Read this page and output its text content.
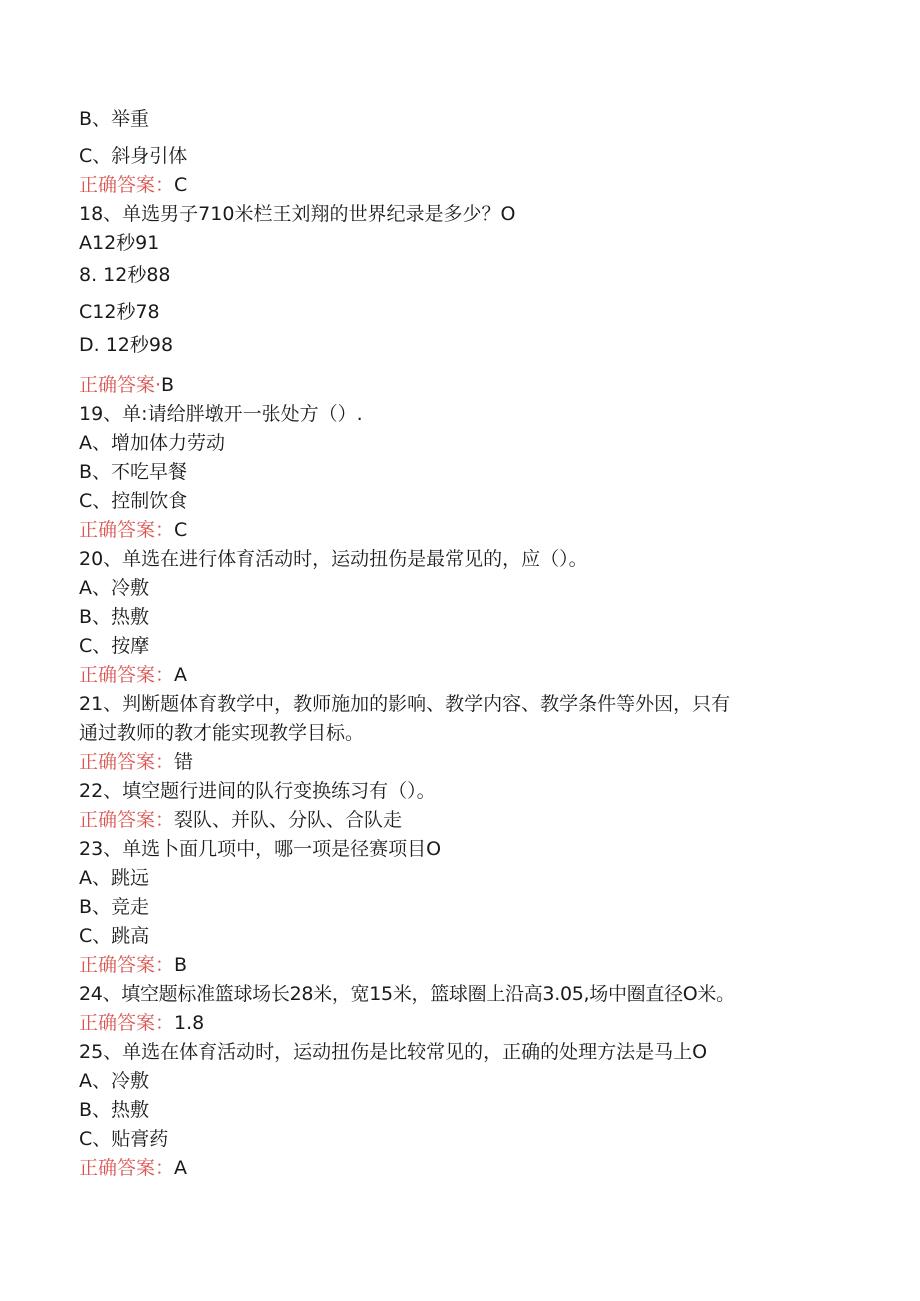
B、举重
C、斜身引体
正确答案：C
18、单选男子710米栏王刘翔的世界纪录是多少？O
A12秒91
8. 12秒88
C12秒78
D. 12秒98
正确答案·B
19、单:请给胖墩开一张处方（）.
A、增加体力劳动
B、不吃早餐
C、控制饮食
正确答案：C
20、单选在进行体育活动时，运动扭伤是最常见的，应（）。
A、冷敷
B、热敷
C、按摩
正确答案：A
21、判断题体育教学中，教师施加的影响、教学内容、教学条件等外因，只有
通过教师的教才能实现教学目标。
正确答案：错
22、填空题行进间的队行变换练习有（）。
正确答案：裂队、并队、分队、合队走
23、单选卜面几项中，哪一项是径赛项目O
A、跳远
B、竞走
C、跳高
正确答案：B
24、填空题标准篮球场长28米，宽15米，篮球圈上沿高3.05,场中圈直径O米。
正确答案：1.8
25、单选在体育活动时，运动扭伤是比较常见的，正确的处理方法是马上O
A、冷敷
B、热敷
C、贴膏药
正确答案：A
